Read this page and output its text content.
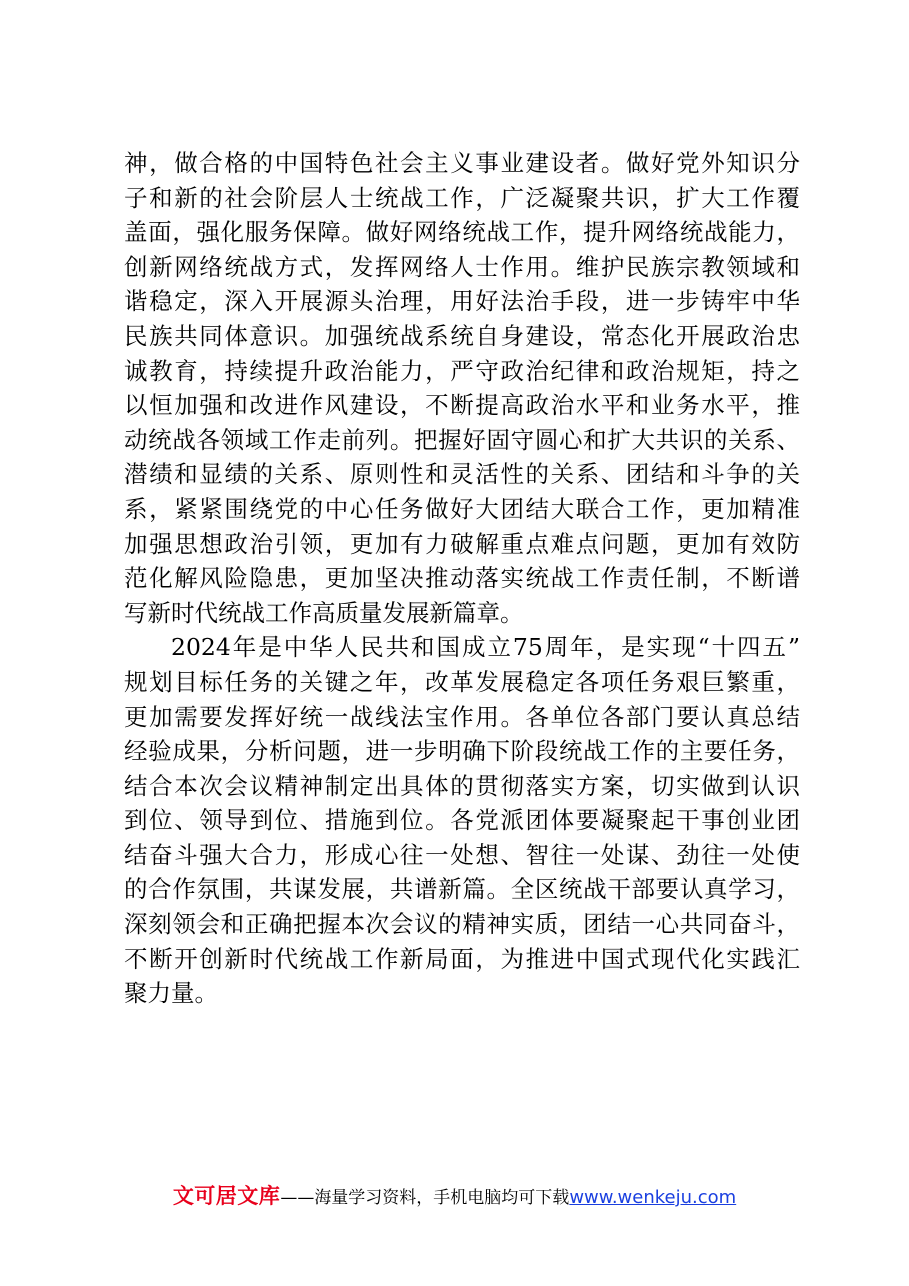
神，做合格的中国特色社会主义事业建设者。做好党外知识分
子和新的社会阶层人士统战工作，广泛凝聚共识，扩大工作覆
盖面，强化服务保障。做好网络统战工作，提升网络统战能力，
创新网络统战方式，发挥网络人士作用。维护民族宗教领域和
谐稳定，深入开展源头治理，用好法治手段，进一步铸牢中华
民族共同体意识。加强统战系统自身建设，常态化开展政治忠
诚教育，持续提升政治能力，严守政治纪律和政治规矩，持之
以恒加强和改进作风建设，不断提高政治水平和业务水平，推
动统战各领域工作走前列。把握好固守圆心和扩大共识的关系、
潜绩和显绩的关系、原则性和灵活性的关系、团结和斗争的关
系，紧紧围绕党的中心任务做好大团结大联合工作，更加精准
加强思想政治引领，更加有力破解重点难点问题，更加有效防
范化解风险隐患，更加坚决推动落实统战工作责任制，不断谱
写新时代统战工作高质量发展新篇章。
2024年是中华人民共和国成立75周年，是实现“十四五”
规划目标任务的关键之年，改革发展稳定各项任务艰巨繁重，
更加需要发挥好统一战线法宝作用。各单位各部门要认真总结
经验成果，分析问题，进一步明确下阶段统战工作的主要任务，
结合本次会议精神制定出具体的贯彻落实方案，切实做到认识
到位、领导到位、措施到位。各党派团体要凝聚起干事创业团
结奋斗强大合力，形成心往一处想、智往一处谋、劲往一处使
的合作氛围，共谋发展，共谱新篇。全区统战干部要认真学习，
深刻领会和正确把握本次会议的精神实质，团结一心共同奋斗，
不断开创新时代统战工作新局面，为推进中国式现代化实践汇
聚力量。
文可居文库——海量学习资料，手机电脑均可下载www.wenkeju.com
